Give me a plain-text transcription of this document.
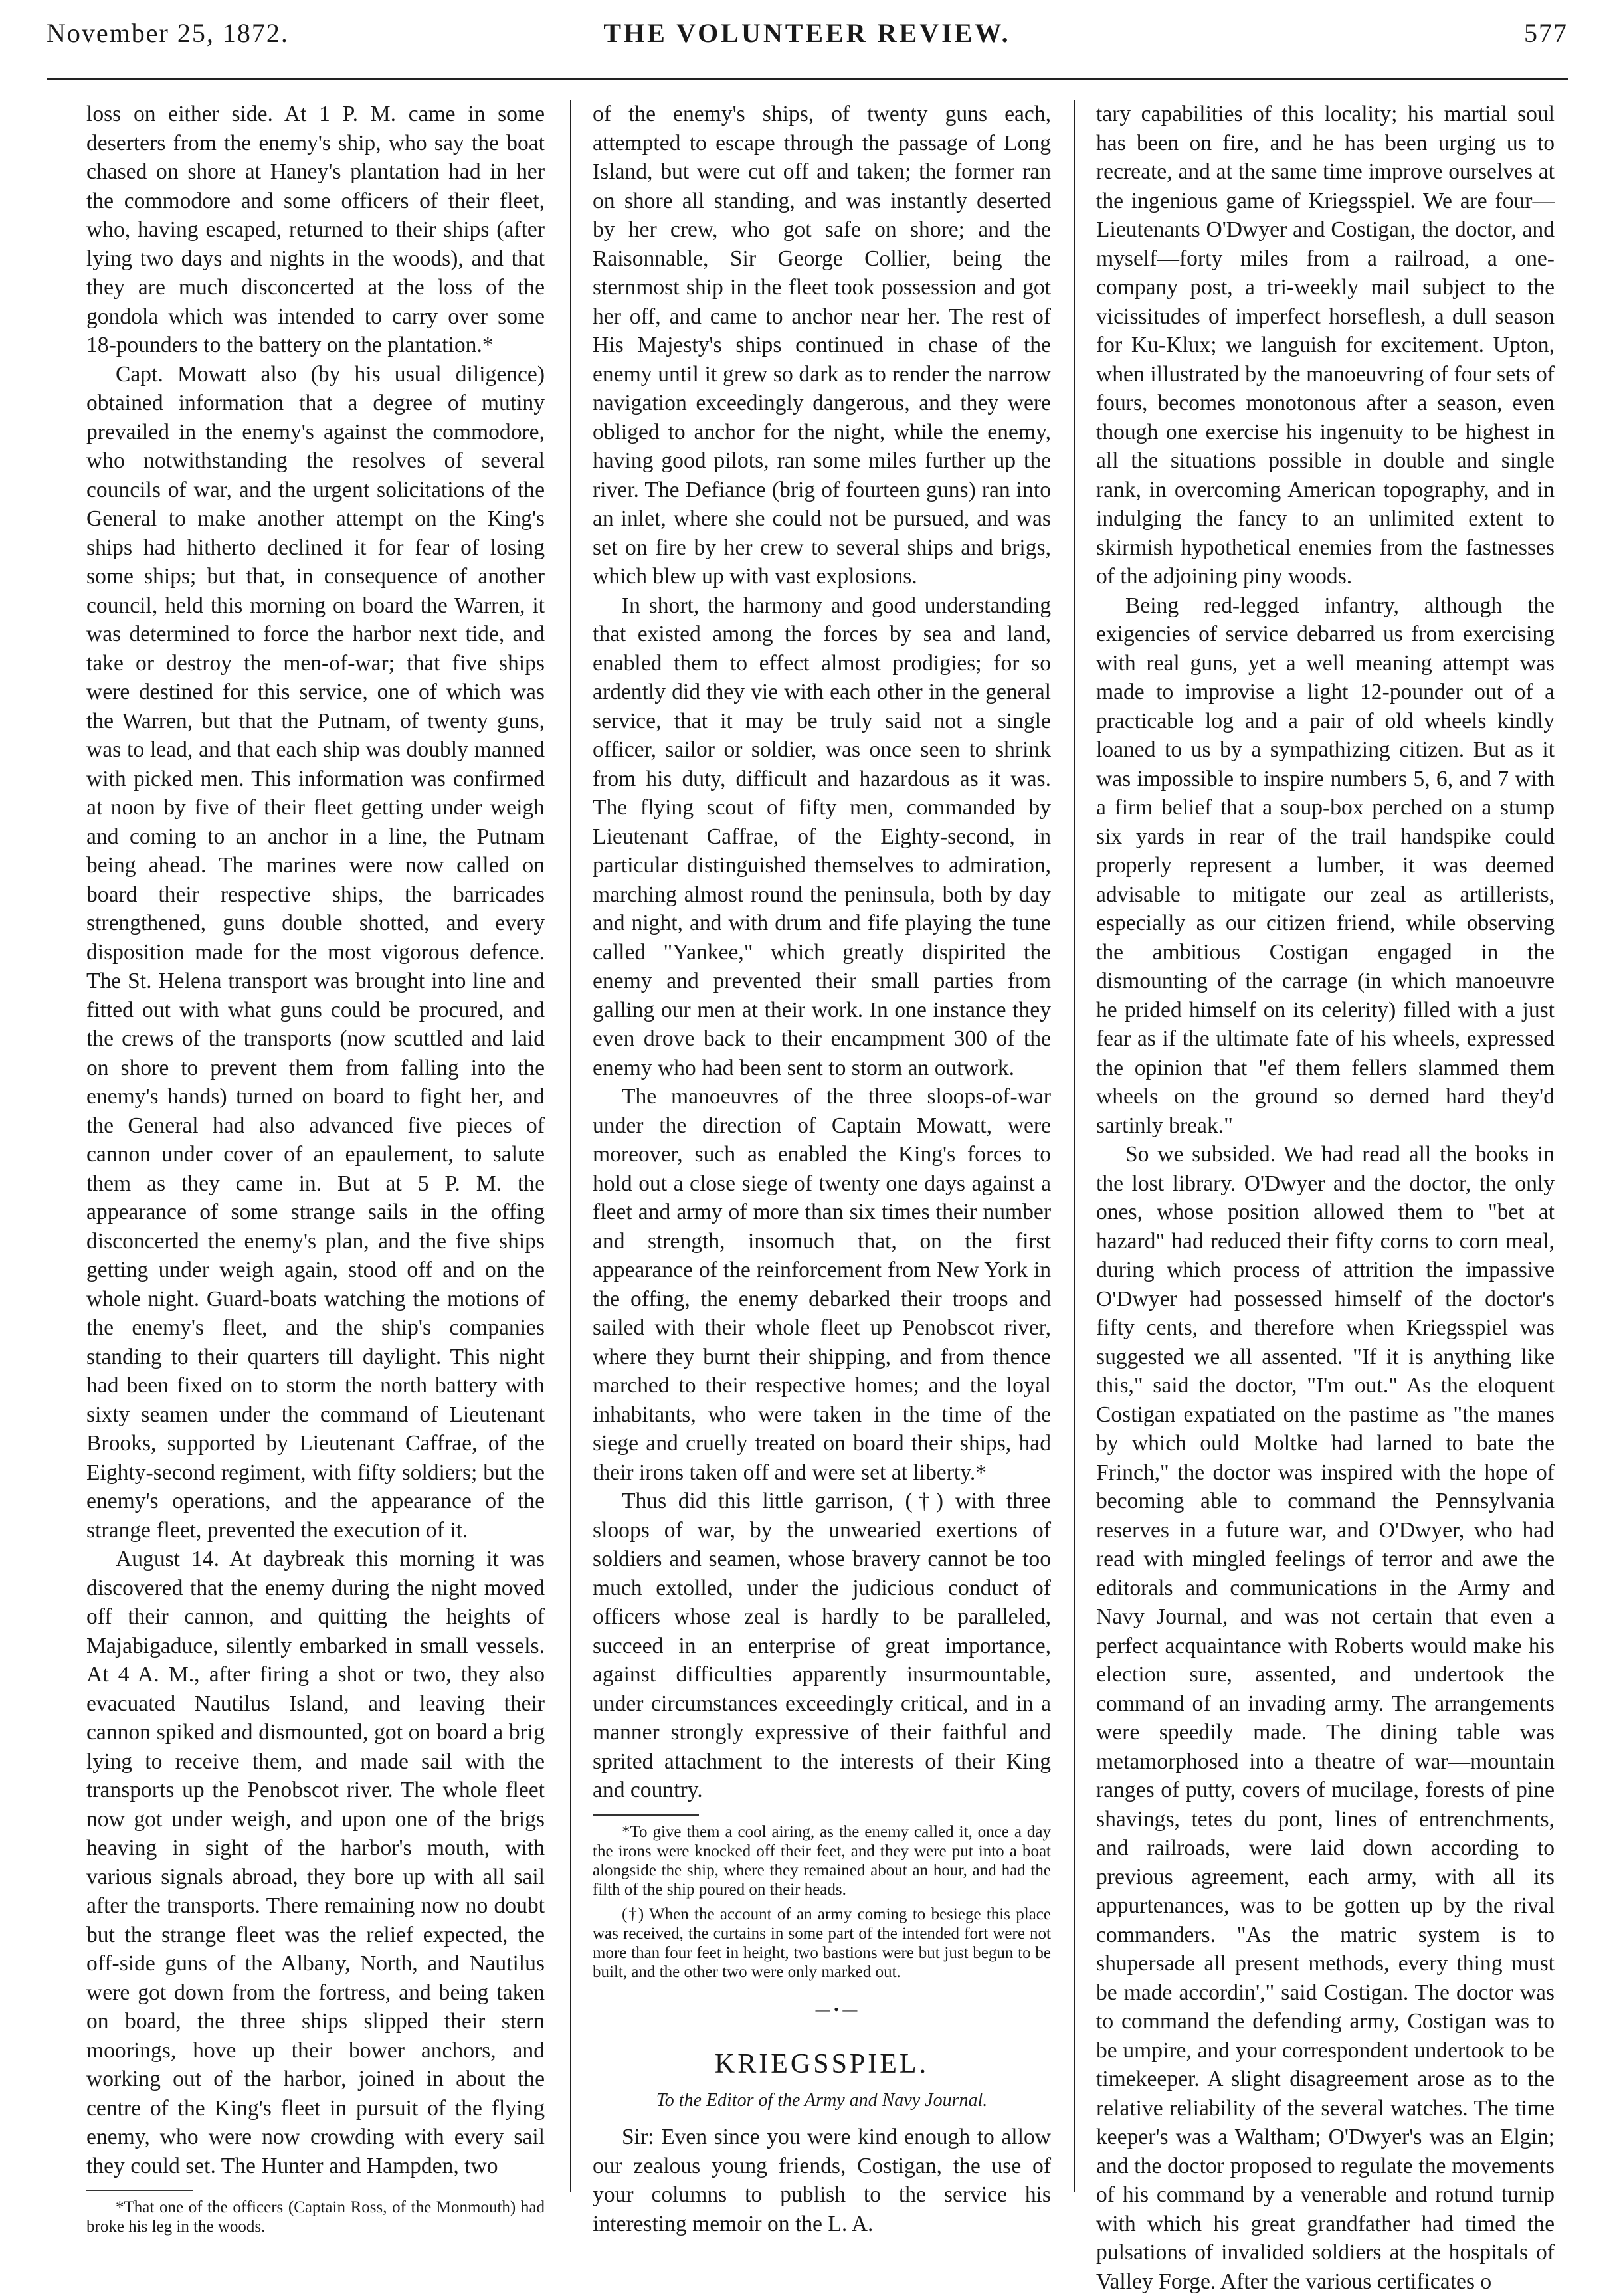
November 25, 1872.	THE VOLUNTEER REVIEW.	577

loss on either side. At 1 P. M. came in some deserters from the enemy's ship, who say the boat chased on shore at Haney's plantation had in her the commodore and some officers of their fleet, who, having escaped, returned to their ships (after lying two days and nights in the woods), and that they are much disconcerted at the loss of the gondola which was intended to carry over some 18-pounders to the battery on the plantation.*

Capt. Mowatt also (by his usual diligence) obtained information that a degree of mutiny prevailed in the enemy's against the commodore, who notwithstanding the resolves of several councils of war, and the urgent solicitations of the General to make another attempt on the King's ships had hitherto declined it for fear of losing some ships; but that, in consequence of another council, held this morning on board the Warren, it was determined to force the harbor next tide, and take or destroy the men-of-war; that five ships were destined for this service, one of which was the Warren, but that the Putnam, of twenty guns, was to lead, and that each ship was doubly manned with picked men. This information was confirmed at noon by five of their fleet getting under weigh and coming to an anchor in a line, the Putnam being ahead. The marines were now called on board their respective ships, the barricades strengthened, guns double shotted, and every disposition made for the most vigorous defence. The St. Helena transport was brought into line and fitted out with what guns could be procured, and the crews of the transports (now scuttled and laid on shore to prevent them from falling into the enemy's hands) turned on board to fight her, and the General had also advanced five pieces of cannon under cover of an epaulement, to salute them as they came in. But at 5 P. M. the appearance of some strange sails in the offing disconcerted the enemy's plan, and the five ships getting under weigh again, stood off and on the whole night. Guard-boats watching the motions of the enemy's fleet, and the ship's companies standing to their quarters till daylight. This night had been fixed on to storm the north battery with sixty seamen under the command of Lieutenant Brooks, supported by Lieutenant Caffrae, of the Eighty-second regiment, with fifty soldiers; but the enemy's operations, and the appearance of the strange fleet, prevented the execution of it.

August 14. At daybreak this morning it was discovered that the enemy during the night moved off their cannon, and quitting the heights of Majabigaduce, silently embarked in small vessels. At 4 A. M., after firing a shot or two, they also evacuated Nautilus Island, and leaving their cannon spiked and dismounted, got on board a brig lying to receive them, and made sail with the transports up the Penobscot river. The whole fleet now got under weigh, and upon one of the brigs heaving in sight of the harbor's mouth, with various signals abroad, they bore up with all sail after the transports. There remaining now no doubt but the strange fleet was the relief expected, the off-side guns of the Albany, North, and Nautilus were got down from the fortress, and being taken on board, the three ships slipped their stern moorings, hove up their bower anchors, and working out of the harbor, joined in about the centre of the King's fleet in pursuit of the flying enemy, who were now crowding with every sail they could set. The Hunter and Hampden, two

*That one of the officers (Captain Ross, of the Monmouth) had broke his leg in the woods.

of the enemy's ships, of twenty guns each, attempted to escape through the passage of Long Island, but were cut off and taken; the former ran on shore all standing, and was instantly deserted by her crew, who got safe on shore; and the Raisonnable, Sir George Collier, being the sternmost ship in the fleet took possession and got her off, and came to anchor near her. The rest of His Majesty's ships continued in chase of the enemy until it grew so dark as to render the narrow navigation exceedingly dangerous, and they were obliged to anchor for the night, while the enemy, having good pilots, ran some miles further up the river. The Defiance (brig of fourteen guns) ran into an inlet, where she could not be pursued, and was set on fire by her crew to several ships and brigs, which blew up with vast explosions.

In short, the harmony and good understanding that existed among the forces by sea and land, enabled them to effect almost prodigies; for so ardently did they vie with each other in the general service, that it may be truly said not a single officer, sailor or soldier, was once seen to shrink from his duty, difficult and hazardous as it was. The flying scout of fifty men, commanded by Lieutenant Caffrae, of the Eighty-second, in particular distinguished themselves to admiration, marching almost round the peninsula, both by day and night, and with drum and fife playing the tune called "Yankee," which greatly dispirited the enemy and prevented their small parties from galling our men at their work. In one instance they even drove back to their encampment 300 of the enemy who had been sent to storm an outwork.

The manoeuvres of the three sloops-of-war under the direction of Captain Mowatt, were moreover, such as enabled the King's forces to hold out a close siege of twenty one days against a fleet and army of more than six times their number and strength, insomuch that, on the first appearance of the reinforcement from New York in the offing, the enemy debarked their troops and sailed with their whole fleet up Penobscot river, where they burnt their shipping, and from thence marched to their respective homes; and the loyal inhabitants, who were taken in the time of the siege and cruelly treated on board their ships, had their irons taken off and were set at liberty.*

Thus did this little garrison, (†) with three sloops of war, by the unwearied exertions of soldiers and seamen, whose bravery cannot be too much extolled, under the judicious conduct of officers whose zeal is hardly to be paralleled, succeed in an enterprise of great importance, against difficulties apparently insurmountable, under circumstances exceedingly critical, and in a manner strongly expressive of their faithful and sprited attachment to the interests of their King and country.

*To give them a cool airing, as the enemy called it, once a day the irons were knocked off their feet, and they were put into a boat alongside the ship, where they remained about an hour, and had the filth of the ship poured on their heads.

(†) When the account of an army coming to besiege this place was received, the curtains in some part of the intended fort were not more than four feet in height, two bastions were but just begun to be built, and the other two were only marked out.

— • —

KRIEGSSPIEL.
To the Editor of the Army and Navy Journal.

Sir: Even since you were kind enough to allow our zealous young friends, Costigan, the use of your columns to publish to the service his interesting memoir on the L. A.

tary capabilities of this locality; his martial soul has been on fire, and he has been urging us to recreate, and at the same time improve ourselves at the ingenious game of Kriegsspiel. We are four—Lieutenants O'Dwyer and Costigan, the doctor, and myself—forty miles from a railroad, a one-company post, a tri-weekly mail subject to the vicissitudes of imperfect horseflesh, a dull season for Ku-Klux; we languish for excitement. Upton, when illustrated by the manoeuvring of four sets of fours, becomes monotonous after a season, even though one exercise his ingenuity to be highest in all the situations possible in double and single rank, in overcoming American topography, and in indulging the fancy to an unlimited extent to skirmish hypothetical enemies from the fastnesses of the adjoining piny woods.

Being red-legged infantry, although the exigencies of service debarred us from exercising with real guns, yet a well meaning attempt was made to improvise a light 12-pounder out of a practicable log and a pair of old wheels kindly loaned to us by a sympathizing citizen. But as it was impossible to inspire numbers 5, 6, and 7 with a firm belief that a soup-box perched on a stump six yards in rear of the trail handspike could properly represent a lumber, it was deemed advisable to mitigate our zeal as artillerists, especially as our citizen friend, while observing the ambitious Costigan engaged in the dismounting of the carrage (in which manoeuvre he prided himself on its celerity) filled with a just fear as if the ultimate fate of his wheels, expressed the opinion that "ef them fellers slammed them wheels on the ground so derned hard they'd sartinly break."

So we subsided. We had read all the books in the lost library. O'Dwyer and the doctor, the only ones, whose position allowed them to "bet at hazard" had reduced their fifty corns to corn meal, during which process of attrition the impassive O'Dwyer had possessed himself of the doctor's fifty cents, and therefore when Kriegsspiel was suggested we all assented. "If it is anything like this," said the doctor, "I'm out." As the eloquent Costigan expatiated on the pastime as "the manes by which ould Moltke had larned to bate the Frinch," the doctor was inspired with the hope of becoming able to command the Pennsylvania reserves in a future war, and O'Dwyer, who had read with mingled feelings of terror and awe the editorals and communications in the Army and Navy Journal, and was not certain that even a perfect acquaintance with Roberts would make his election sure, assented, and undertook the command of an invading army. The arrangements were speedily made. The dining table was metamorphosed into a theatre of war—mountain ranges of putty, covers of mucilage, forests of pine shavings, tetes du pont, lines of entrenchments, and railroads, were laid down according to previous agreement, each army, with all its appurtenances, was to be gotten up by the rival commanders. "As the matric system is to shupersade all present methods, every thing must be made accordin'," said Costigan. The doctor was to command the defending army, Costigan was to be umpire, and your correspondent undertook to be timekeeper. A slight disagreement arose as to the relative reliability of the several watches. The time keeper's was a Waltham; O'Dwyer's was an Elgin; and the doctor proposed to regulate the movements of his command by a venerable and rotund turnip with which his great grandfather had timed the pulsations of invalided soldiers at the hospitals of Valley Forge. After the various certificates o
